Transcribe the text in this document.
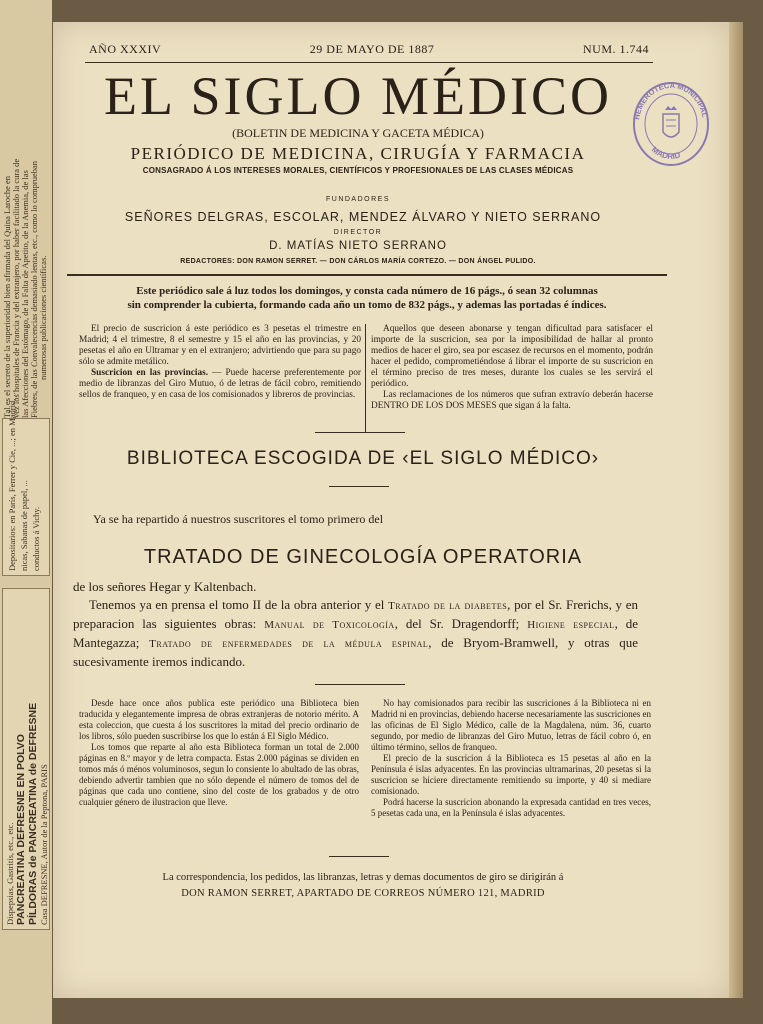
Tal es el secreto de la superioridad bien afirmada del Quina Laroche en vez los hospitales de Francia y del extranjero, por haber facilitado la cura de las Afecciones del Estómago, de la Falta de Apetito, de la Anemia, de las Fiebres, de las Convalecencias demasiado lentas, etc., como lo comprueban numerosas publicaciones científicas.
Depositarios: en París, Ferrer y Cie, ...; en Madrid, ... nicas, Sabanas de papel, ... conductos á Vichy.
Dispepsias, Gastritis, etc., etc. PANCREATINA DEFRESNE EN POLVO PÍLDORAS de PANCREATINA de DEFRESNE Casa DEFRESNE, Autor de la Peptona, PARIS
AÑO XXXIV	29 DE MAYO DE 1887	NUM. 1.744
EL SIGLO MÉDICO
(BOLETIN DE MEDICINA Y GACETA MÉDICA)
PERIÓDICO DE MEDICINA, CIRUGÍA Y FARMACIA
CONSAGRADO Á LOS INTERESES MORALES, CIENTÍFICOS Y PROFESIONALES DE LAS CLASES MÉDICAS
FUNDADORES
SEÑORES DELGRAS, ESCOLAR, MENDEZ ÁLVARO Y NIETO SERRANO
DIRECTOR
D. MATÍAS NIETO SERRANO
REDACTORES: DON RAMON SERRET. — DON CÁRLOS MARÍA CORTEZO. — DON ÁNGEL PULIDO.
HEMEROTECA MUNICIPAL
MADRID
Este periódico sale á luz todos los domingos, y consta cada número de 16 págs., ó sean 32 columnas
sin comprender la cubierta, formando cada año un tomo de 832 págs., y ademas las portadas é índices.

El precio de suscricion á este periódico es 3 pesetas el trimestre en Madrid; 4 el trimestre, 8 el semestre y 15 el año en las provincias, y 20 pesetas el año en Ultramar y en el extranjero; advirtiendo que para su pago sólo se admite metálico.

Suscricion en las provincias. — Puede hacerse preferentemente por medio de libranzas del Giro Mutuo, ó de letras de fácil cobro, remitiendo sellos de franqueo, y en casa de los comisionados y libreros de provincias.

Aquellos que deseen abonarse y tengan dificultad para satisfacer el importe de la suscricion, sea por la imposibilidad de hallar al pronto medios de hacer el giro, sea por escasez de recursos en el momento, podrán hacer el pedido, comprometiéndose á librar el importe de su suscricion en el término preciso de tres meses, durante los cuales se les servirá el periódico.

Las reclamaciones de los números que sufran extravío deberán hacerse DENTRO DE LOS DOS MESES que sigan á la falta.

BIBLIOTECA ESCOGIDA DE ‹EL SIGLO MÉDICO›
Ya se ha repartido á nuestros suscritores el tomo primero del
TRATADO DE GINECOLOGÍA OPERATORIA
de los señores Hegar y Kaltenbach.
Tenemos ya en prensa el tomo II de la obra anterior y el Tratado de la diabetes, por el Sr. Frerichs, y en preparacion las siguientes obras: Manual de Toxicología, del Sr. Dragendorff; Higiene especial, de Mantegazza; Tratado de enfermedades de la médula espinal, de Bryom-Bramwell, y otras que sucesivamente iremos indicando.

Desde hace once años publica este periódico una Biblioteca bien traducida y elegantemente impresa de obras extranjeras de notorio mérito. A esta coleccion, que cuesta á los suscritores la mitad del precio ordinario de los libros, sólo pueden suscribirse los que lo están á El Siglo Médico.

Los tomos que reparte al año esta Biblioteca forman un total de 2.000 páginas en 8.º mayor y de letra compacta. Estas 2.000 páginas se dividen en tomos más ó ménos voluminosos, segun lo consiente lo abultado de las obras, debiendo advertir tambien que no sólo depende el número de tomos del de páginas que cada uno contiene, sino del coste de los grabados y de otro cualquier género de ilustracion que lleve.

No hay comisionados para recibir las suscriciones á la Biblioteca ni en Madrid ni en provincias, debiendo hacerse necesariamente las suscriciones en las oficinas de El Siglo Médico, calle de la Magdalena, núm. 36, cuarto segundo, por medio de libranzas del Giro Mutuo, letras de fácil cobro ó, en último término, sellos de franqueo.

El precio de la suscricion á la Biblioteca es 15 pesetas al año en la Península é islas adyacentes. En las provincias ultramarinas, 20 pesetas si la suscricion se hiciere directamente remitiendo su importe, y 40 si mediare comisionado.

Podrá hacerse la suscricion abonando la expresada cantidad en tres veces, 5 pesetas cada una, en la Península é islas adyacentes.

La correspondencia, los pedidos, las libranzas, letras y demas documentos de giro se dirigirán á
DON RAMON SERRET, APARTADO DE CORREOS NÚMERO 121, MADRID
